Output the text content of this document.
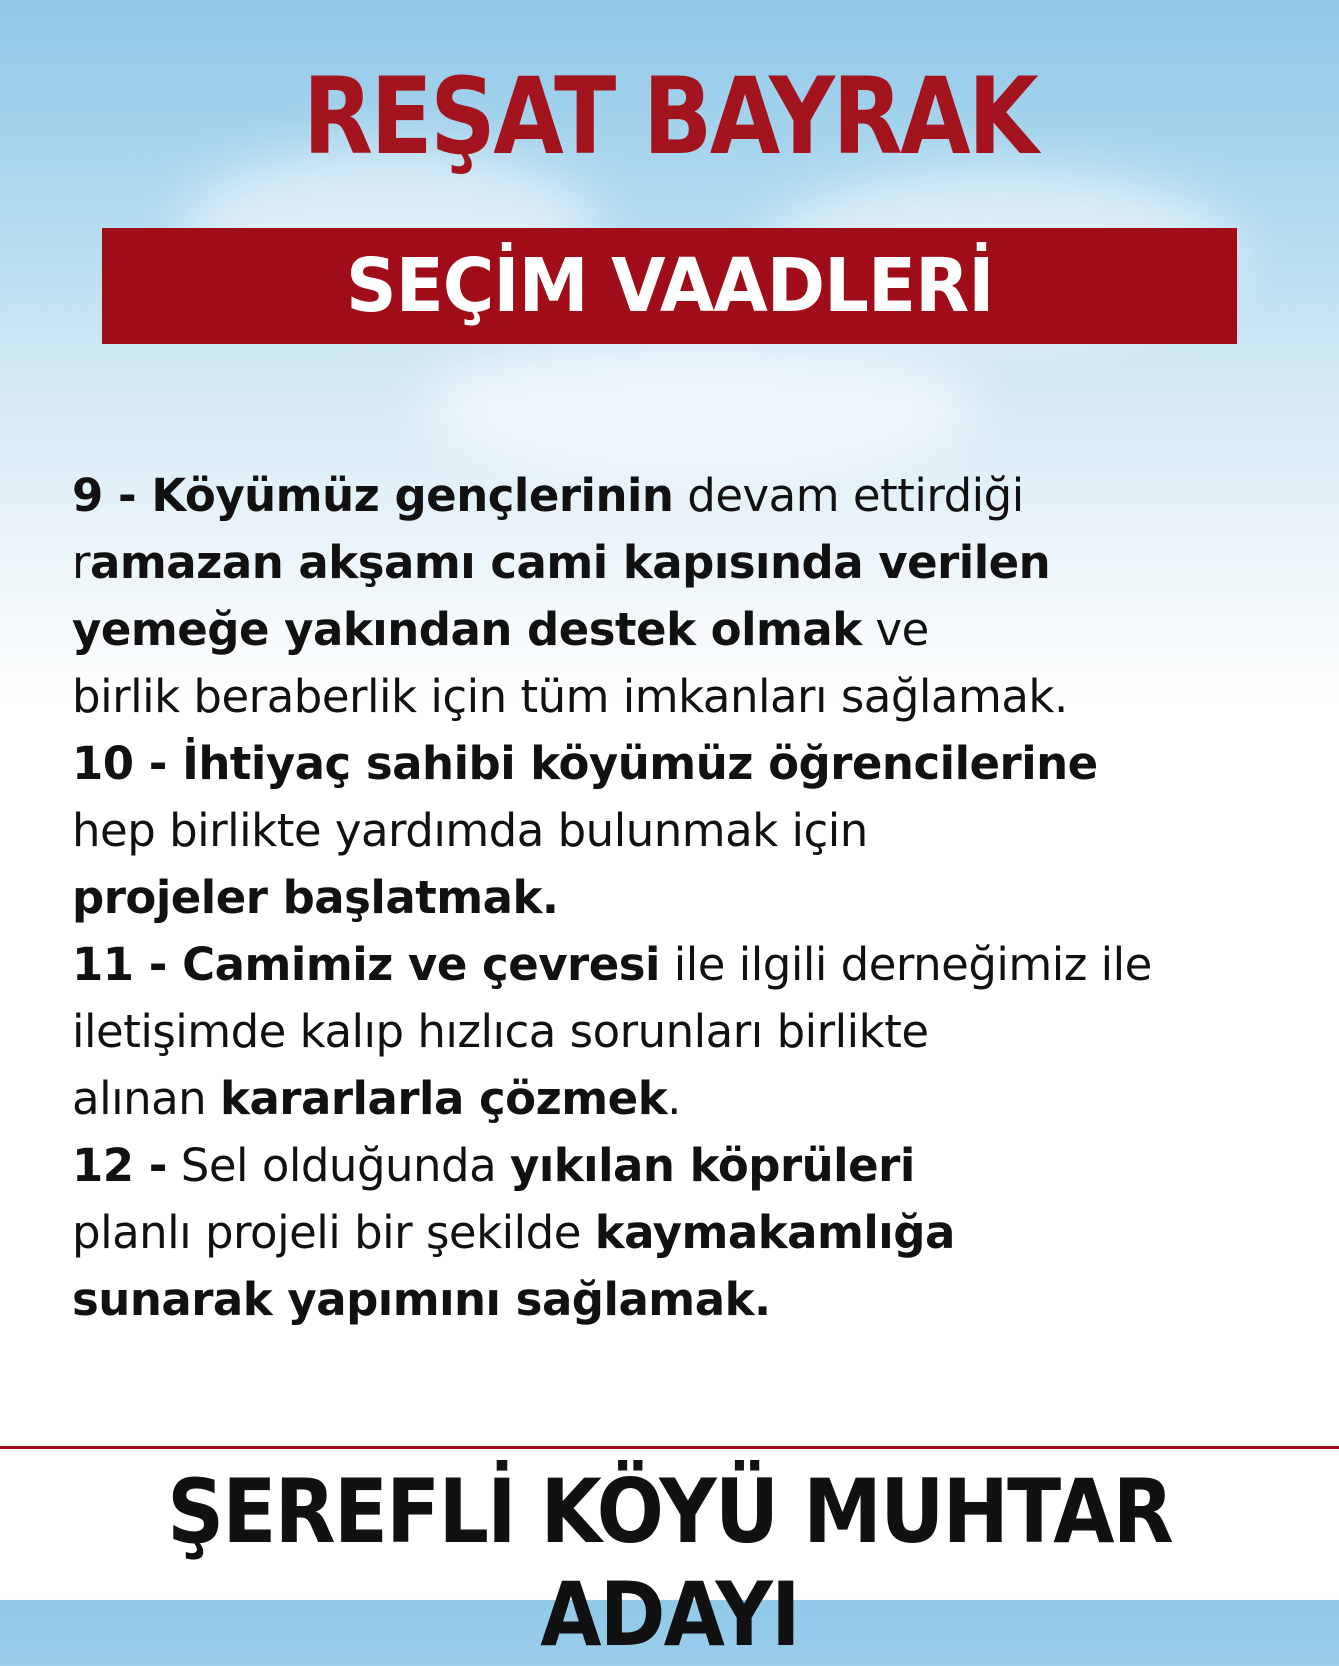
REŞAT BAYRAK
SEÇİM VAADLERİ
9 - Köyümüz gençlerinin devam ettirdiği
ramazan akşamı cami kapısında verilen
yemeğe yakından destek olmak ve
birlik beraberlik için tüm imkanları sağlamak.
10 - İhtiyaç sahibi köyümüz öğrencilerine
hep birlikte yardımda bulunmak için
projeler başlatmak.
11 - Camimiz ve çevresi ile ilgili derneğimiz ile
iletişimde kalıp hızlıca sorunları birlikte
alınan kararlarla çözmek.
12 - Sel olduğunda yıkılan köprüleri
planlı projeli bir şekilde kaymakamlığa
sunarak yapımını sağlamak.
ŞEREFLİ KÖYÜ MUHTAR ADAYI
